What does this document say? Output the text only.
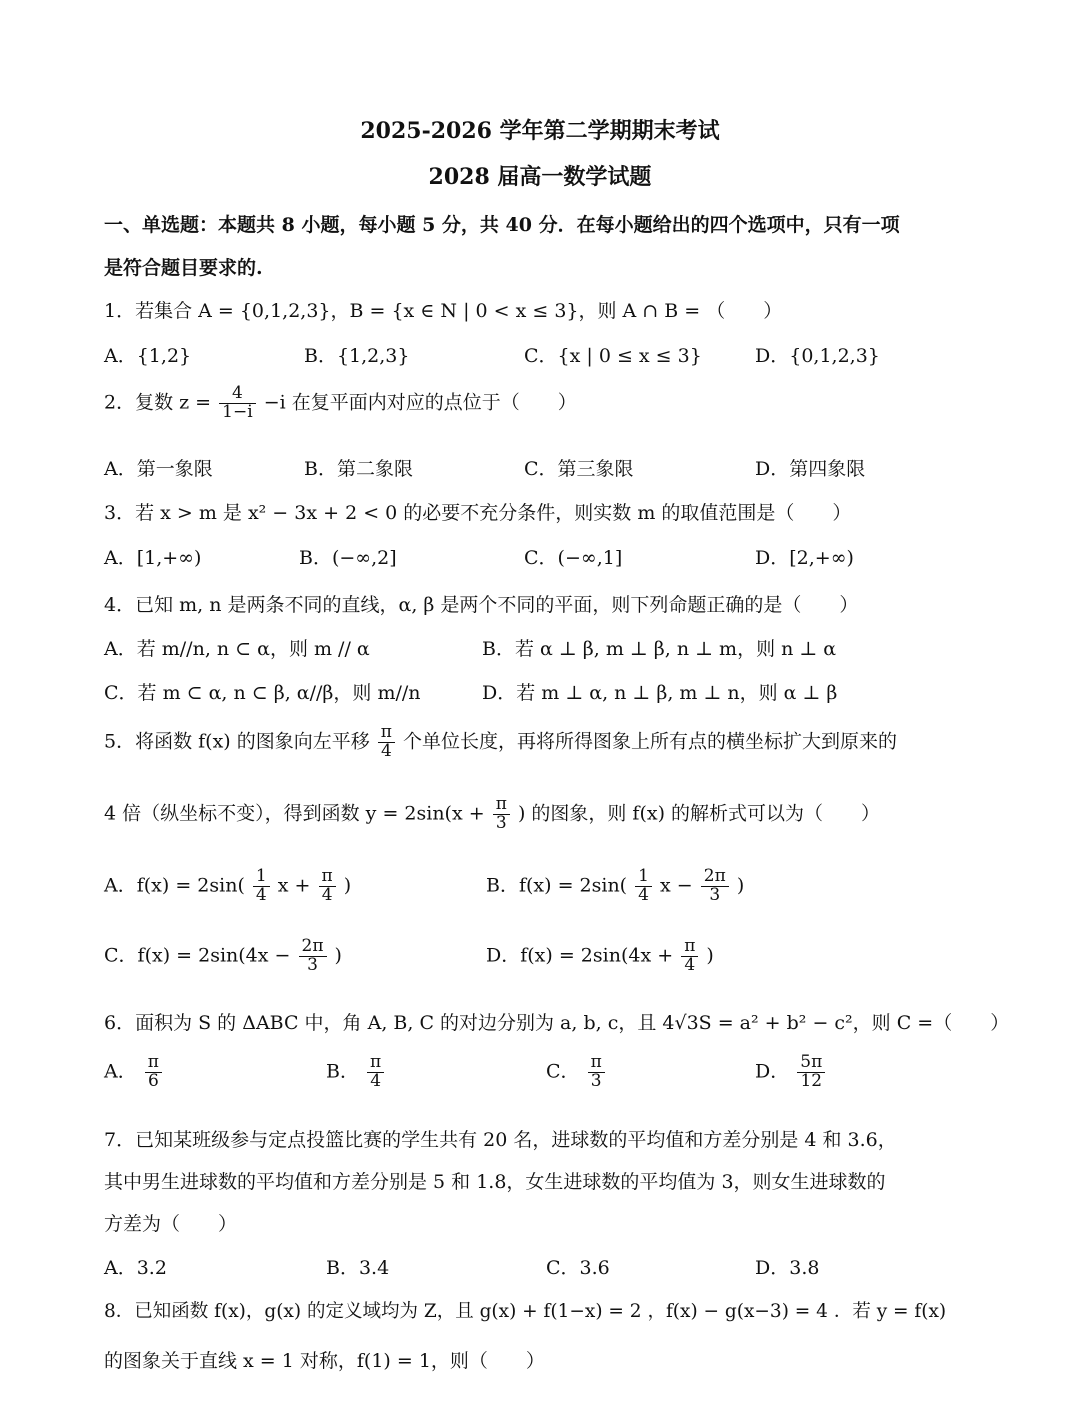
2025-2026 学年第二学期期末考试
2028 届高一数学试题
一、单选题：本题共 8 小题，每小题 5 分，共 40 分．在每小题给出的四个选项中，只有一项
是符合题目要求的.
1．若集合 A = {0,1,2,3}，B = {x ∈ N | 0 < x ≤ 3}，则 A ∩ B = （　　）
A．{1,2}	B．{1,2,3}	C．{x | 0 ≤ x ≤ 3}	D．{0,1,2,3}
2．复数 $z = \frac{4}{1-i} -i$ 在复平面内对应的点位于（　　）
A．第一象限	B．第二象限	C．第三象限	D．第四象限
3．若 x > m 是 x² − 3x + 2 < 0 的必要不充分条件，则实数 m 的取值范围是（　　）
A．[1,+∞)	B．(−∞,2]	C．(−∞,1]	D．[2,+∞)
4．已知 m, n 是两条不同的直线，α, β 是两个不同的平面，则下列命题正确的是（　　）
A．若 m//n, n ⊂ α，则 m // α	B．若 α ⊥ β, m ⊥ β, n ⊥ m，则 n ⊥ α
C．若 m ⊂ α, n ⊂ β, α//β，则 m//n	D．若 m ⊥ α, n ⊥ β, m ⊥ n，则 α ⊥ β
5．将函数 f(x) 的图象向左平移 $\frac{\pi}{4}$ 个单位长度，再将所得图象上所有点的横坐标扩大到原来的
4 倍（纵坐标不变），得到函数 $y = 2\sin(x + \frac{\pi}{3}$ ) 的图象，则 f(x) 的解析式可以为（　　）
A．$f(x) = 2\sin( \frac{1}{4}$ $x + \frac{\pi}{4}$ )	B．$f(x) = 2\sin( \frac{1}{4}$ $x - \frac{2\pi}{3}$ )
C．$f(x) = 2\sin(4x - \frac{2\pi}{3}$ )	D．$f(x) = 2\sin(4x + \frac{\pi}{4}$ )
6．面积为 S 的 ΔABC 中，角 A, B, C 的对边分别为 a, b, c，且 4√3S = a² + b² − c²，则 C =（　　）
A． $\frac{\pi}{6}$	B． $\frac{\pi}{4}$	C． $\frac{\pi}{3}$	D． $\frac{5\pi}{12}$
7．已知某班级参与定点投篮比赛的学生共有 20 名，进球数的平均值和方差分别是 4 和 3.6，
其中男生进球数的平均值和方差分别是 5 和 1.8，女生进球数的平均值为 3，则女生进球数的
方差为（　　）
A．3.2	B．3.4	C．3.6	D．3.8
8．已知函数 f(x)，g(x) 的定义域均为 Z，且 g(x) + f(1−x) = 2 ，f(x) − g(x−3) = 4 ．若 y = f(x)
的图象关于直线 x = 1 对称，f(1) = 1，则（　　）
